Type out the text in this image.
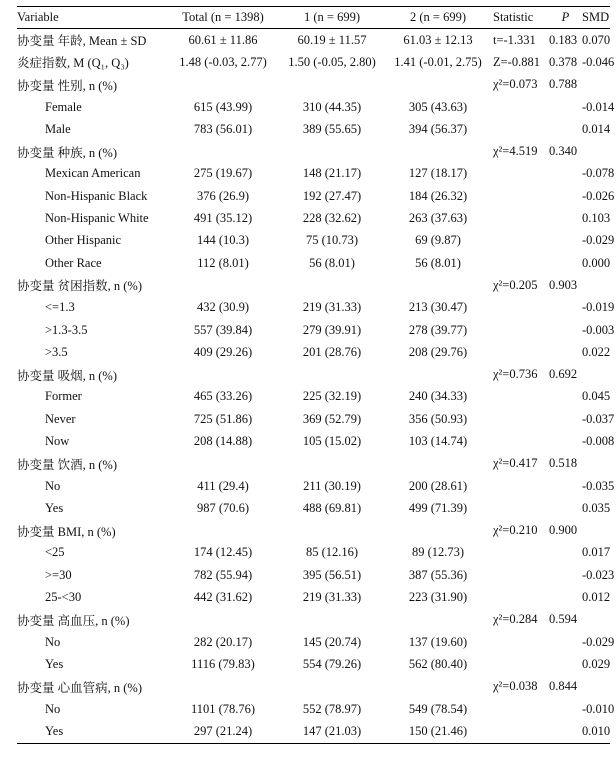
Variable	Total (n = 1398)	1 (n = 699)	2 (n = 699)	Statistic	P	SMD
协变量 年龄, Mean ± SD	60.61 ± 11.86	60.19 ± 11.57	61.03 ± 12.13	t=-1.331	0.183	0.070
炎症指数, M (Q₁, Q₃)	1.48 (-0.03, 2.77)	1.50 (-0.05, 2.80)	1.41 (-0.01, 2.75)	Z=-0.881	0.378	-0.046
协变量 性别, n (%)				χ²=0.073	0.788	
Female	615 (43.99)	310 (44.35)	305 (43.63)			-0.014
Male	783 (56.01)	389 (55.65)	394 (56.37)			0.014
协变量 种族, n (%)				χ²=4.519	0.340	
Mexican American	275 (19.67)	148 (21.17)	127 (18.17)			-0.078
Non-Hispanic Black	376 (26.9)	192 (27.47)	184 (26.32)			-0.026
Non-Hispanic White	491 (35.12)	228 (32.62)	263 (37.63)			0.103
Other Hispanic	144 (10.3)	75 (10.73)	69 (9.87)			-0.029
Other Race	112 (8.01)	56 (8.01)	56 (8.01)			0.000
协变量 贫困指数, n (%)				χ²=0.205	0.903	
<=1.3	432 (30.9)	219 (31.33)	213 (30.47)			-0.019
>1.3-3.5	557 (39.84)	279 (39.91)	278 (39.77)			-0.003
>3.5	409 (29.26)	201 (28.76)	208 (29.76)			0.022
协变量 吸烟, n (%)				χ²=0.736	0.692	
Former	465 (33.26)	225 (32.19)	240 (34.33)			0.045
Never	725 (51.86)	369 (52.79)	356 (50.93)			-0.037
Now	208 (14.88)	105 (15.02)	103 (14.74)			-0.008
协变量 饮酒, n (%)				χ²=0.417	0.518	
No	411 (29.4)	211 (30.19)	200 (28.61)			-0.035
Yes	987 (70.6)	488 (69.81)	499 (71.39)			0.035
协变量 BMI, n (%)				χ²=0.210	0.900	
<25	174 (12.45)	85 (12.16)	89 (12.73)			0.017
>=30	782 (55.94)	395 (56.51)	387 (55.36)			-0.023
25-<30	442 (31.62)	219 (31.33)	223 (31.90)			0.012
协变量 高血压, n (%)				χ²=0.284	0.594	
No	282 (20.17)	145 (20.74)	137 (19.60)			-0.029
Yes	1116 (79.83)	554 (79.26)	562 (80.40)			0.029
协变量 心血管病, n (%)				χ²=0.038	0.844	
No	1101 (78.76)	552 (78.97)	549 (78.54)			-0.010
Yes	297 (21.24)	147 (21.03)	150 (21.46)			0.010
